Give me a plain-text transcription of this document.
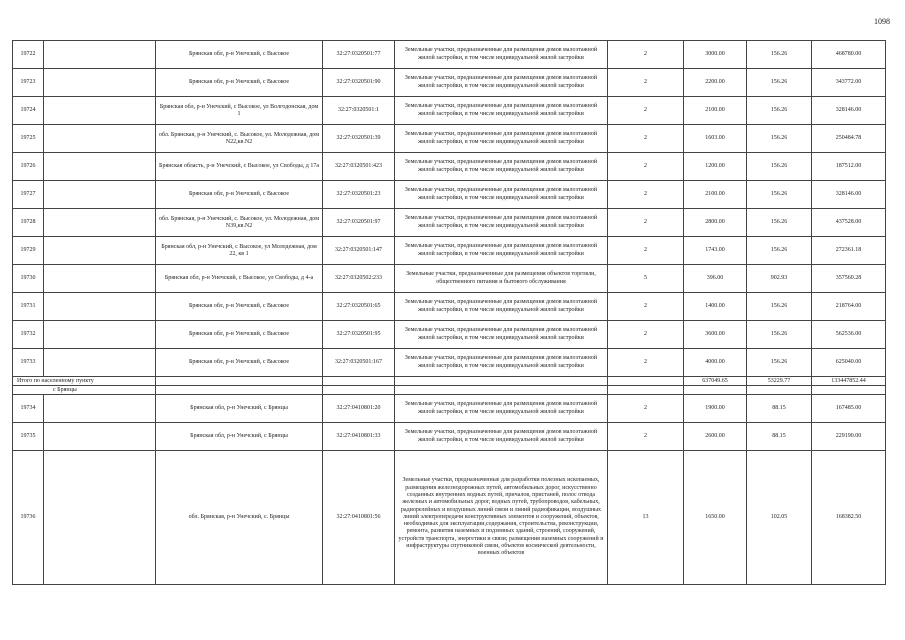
1098
19722		Брянская обл, р-н Унечский, с Высокое	32:27:0320501:77	Земельные участки, предназначенные для размещения домов малоэтажной жилой застройки, в том числе индивидуальной жилой застройки	2	3000.00	156.26	468780.00
19723		Брянская обл, р-н Унечский, с Высокое	32:27:0320501:90	Земельные участки, предназначенные для размещения домов малоэтажной жилой застройки, в том числе индивидуальной жилой застройки	2	2200.00	156.26	343772.00
19724		Брянская обл, р-н Унечский, с Высокое, ул Волгодонская, дом 1	32:27:0320501:1	Земельные участки, предназначенные для размещения домов малоэтажной жилой застройки, в том числе индивидуальной жилой застройки	2	2100.00	156.26	328146.00
19725		обл. Брянская, р-н Унечский, с. Высокое, ул. Молодежная, дом N22,кв.N2	32:27:0320501:39	Земельные участки, предназначенные для размещения домов малоэтажной жилой застройки, в том числе индивидуальной жилой застройки	2	1603.00	156.26	250484.78
19726		Брянская область, р-н Унечский, с Высокое, ул Свободы, д 17а	32:27:0320501:423	Земельные участки, предназначенные для размещения домов малоэтажной жилой застройки, в том числе индивидуальной жилой застройки	2	1200.00	156.26	187512.00
19727		Брянская обл, р-н Унечский, с Высокое	32:27:0320501:23	Земельные участки, предназначенные для размещения домов малоэтажной жилой застройки, в том числе индивидуальной жилой застройки	2	2100.00	156.26	328146.00
19728		обл. Брянская, р-н Унечский, с. Высокое, ул. Молодежная, дом N39,кв.N2	32:27:0320501:97	Земельные участки, предназначенные для размещения домов малоэтажной жилой застройки, в том числе индивидуальной жилой застройки	2	2800.00	156.26	437528.00
19729		Брянская обл, р-н Унечский, с Высокое, ул Молодежная, дом 22, кв 1	32:27:0320501:147	Земельные участки, предназначенные для размещения домов малоэтажной жилой застройки, в том числе индивидуальной жилой застройки	2	1743.00	156.26	272361.18
19730		Брянская обл, р-н Унечский, с Высокое, ул Свободы, д 4-а	32:27:0320502:233	Земельные участки, предназначенные для размещения объектов торговли, общественного питания и бытового обслуживания	5	396.00	902.93	357560.28
19731		Брянская обл, р-н Унечский, с Высокое	32:27:0320501:65	Земельные участки, предназначенные для размещения домов малоэтажной жилой застройки, в том числе индивидуальной жилой застройки	2	1400.00	156.26	218764.00
19732		Брянская обл, р-н Унечский, с Высокое	32:27:0320501:95	Земельные участки, предназначенные для размещения домов малоэтажной жилой застройки, в том числе индивидуальной жилой застройки	2	3600.00	156.26	562536.00
19733		Брянская обл, р-н Унечский, с Высокое	32:27:0320501:167	Земельные участки, предназначенные для размещения домов малоэтажной жилой застройки, в том числе индивидуальной жилой застройки	2	4000.00	156.26	625040.00
Итого по населенному пункту						637049.65	53229.77	133447852.44
с Брянцы								
19734		Брянская обл, р-н Унечский, с Брянцы	32:27:0410801:20	Земельные участки, предназначенные для размещения домов малоэтажной жилой застройки, в том числе индивидуальной жилой застройки	2	1900.00	88.15	167485.00
19735		Брянская обл, р-н Унечский, с Брянцы	32:27:0410801:33	Земельные участки, предназначенные для размещения домов малоэтажной жилой застройки, в том числе индивидуальной жилой застройки	2	2600.00	88.15	229190.00
19736		обл. Брянская, р-н Унечский, с. Брянцы	32:27:0410801:56	Земельные участки, предназначенные для разработки полезных ископаемых, размещения железнодорожных путей, автомобильных дорог, искусственно созданных внутренних водных путей, причалов, пристаней, полос отвода железных и автомобильных дорог, водных путей, трубопроводов, кабельных, радиорелейных и воздушных линий связи и линий радиофикации, воздушных линий электропередачи конструктивных элементов и сооружений, объектов, необходимых для эксплуатации,содержания, строительства, реконструкции, ремонта, развития наземных и подземных зданий, строений, сооружений, устройств транспорта, энергетики и связи; размещения наземных сооружений и инфраструктуры спутниковой связи, объектов космической деятельности, военных объектов	13	1650.00	102.05	168382.50
